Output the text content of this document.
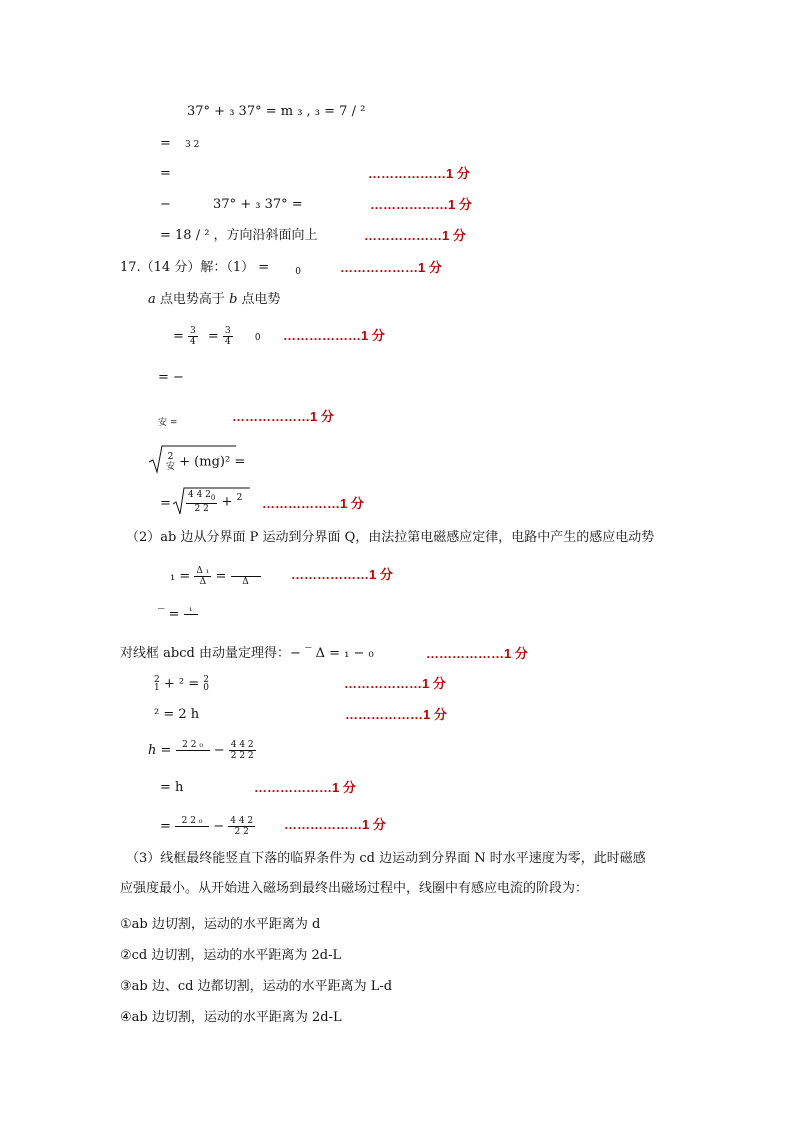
37° + ₃ 37° = m ₃ , ₃ = 7 / ²
= 3 2
=	………………1 分
−	37° + ₃ 37° =	………………1 分
= 18 / ² ，方向沿斜面向上	………………1 分
17.（14 分）解：（1） =	$_0$	………………1 分
a 点电势高于 b 点电势
= $\frac{3}{4} = \frac{3}{4} 0$ ………………1 分
= −
$_{安 =}$	………………1 分
2
安 + (mg)² =
= $\frac{4 4 2_0}{2 2} + ^2$ ………………1 分
（2）ab 边从分界面 P 运动到分界面 Q，由法拉第电磁感应定律，电路中产生的感应电动势
$_1 = \frac{\text{Δ ₁}}{\Delta}$ =
	Δ	………………1 分
‾ =	₁

对线框 abcd 由动量定理得：− ‾ Δ = ₁ − ₀	………………1 分
2
1 + ² = 2
0	………………1 分
² = 2 h	………………1 分
h =	2 2 ₀
− $\frac{4 4 2}{2 2 2}$
= h	………………1 分
=	2 2 ₀
− $\frac{4 4 2}{2 2}$ ………………1 分
（3）线框最终能竖直下落的临界条件为 cd 边运动到分界面 N 时水平速度为零，此时磁感
应强度最小。从开始进入磁场到最终出磁场过程中，线圈中有感应电流的阶段为：
①ab 边切割，运动的水平距离为 d
②cd 边切割，运动的水平距离为 2d-L
③ab 边、cd 边都切割，运动的水平距离为 L-d
④ab 边切割，运动的水平距离为 2d-L
